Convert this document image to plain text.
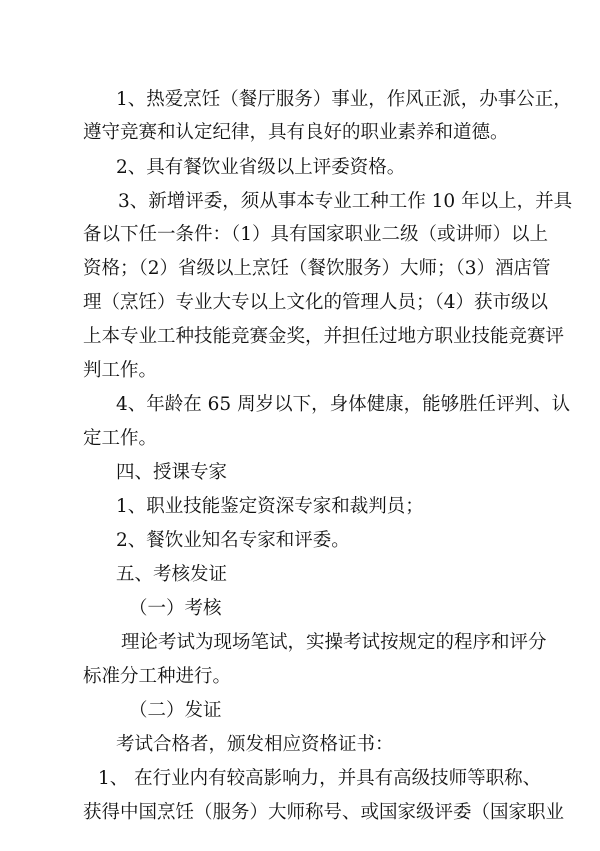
1、热爱烹饪（餐厅服务）事业，作风正派，办事公正，

遵守竞赛和认定纪律，具有良好的职业素养和道德。

2、具有餐饮业省级以上评委资格。

3、新增评委，须从事本专业工种工作 10 年以上，并具

备以下任一条件：（1）具有国家职业二级（或讲师）以上

资格；（2）省级以上烹饪（餐饮服务）大师；（3）酒店管

理（烹饪）专业大专以上文化的管理人员；（4）获市级以

上本专业工种技能竞赛金奖，并担任过地方职业技能竞赛评

判工作。

4、年龄在 65 周岁以下，身体健康，能够胜任评判、认

定工作。

四、授课专家

1、职业技能鉴定资深专家和裁判员；

2、餐饮业知名专家和评委。

五、考核发证

（一）考核

理论考试为现场笔试，实操考试按规定的程序和评分

标准分工种进行。

（二）发证

考试合格者，颁发相应资格证书：

1、 在行业内有较高影响力，并具有高级技师等职称、

获得中国烹饪（服务）大师称号、或国家级评委（国家职业
